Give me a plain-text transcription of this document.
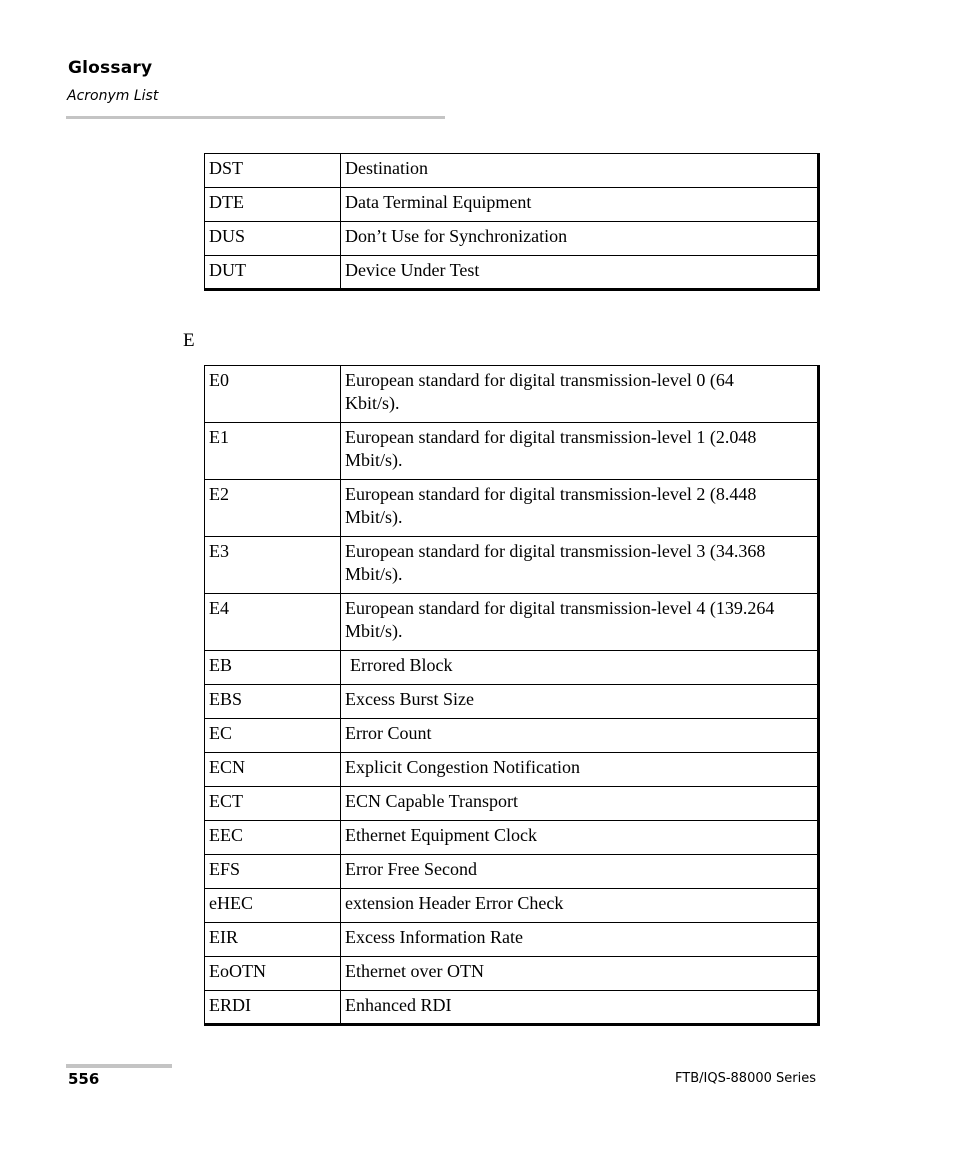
Glossary
Acronym List
DST	Destination
DTE	Data Terminal Equipment
DUS	Don’t Use for Synchronization
DUT	Device Under Test
E
E0	European standard for digital transmission-level 0 (64 Kbit/s).
E1	European standard for digital transmission-level 1 (2.048 Mbit/s).
E2	European standard for digital transmission-level 2 (8.448 Mbit/s).
E3	European standard for digital transmission-level 3 (34.368 Mbit/s).
E4	European standard for digital transmission-level 4 (139.264 Mbit/s).
EB	Errored Block
EBS	Excess Burst Size
EC	Error Count
ECN	Explicit Congestion Notification
ECT	ECN Capable Transport
EEC	Ethernet Equipment Clock
EFS	Error Free Second
eHEC	extension Header Error Check
EIR	Excess Information Rate
EoOTN	Ethernet over OTN
ERDI	Enhanced RDI
556	FTB/IQS-88000 Series
